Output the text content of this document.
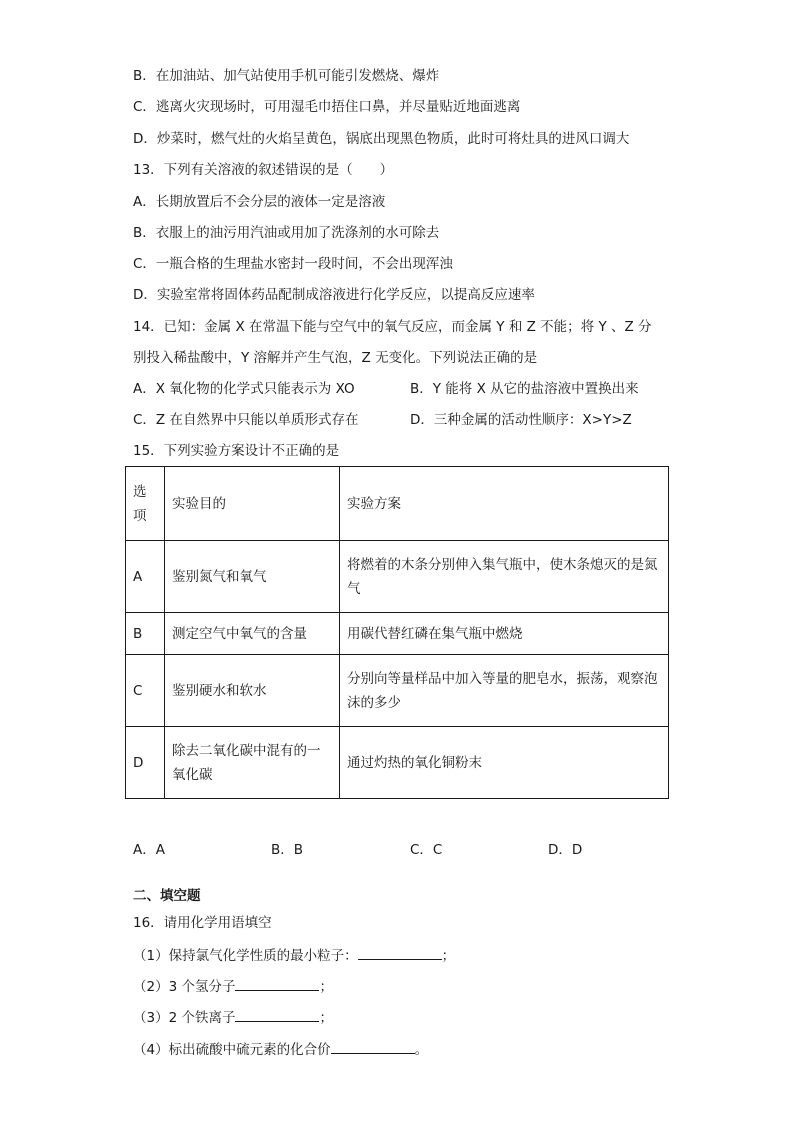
B．在加油站、加气站使用手机可能引发燃烧、爆炸
C．逃离火灾现场时，可用湿毛巾捂住口鼻，并尽量贴近地面逃离
D．炒菜时，燃气灶的火焰呈黄色，锅底出现黑色物质，此时可将灶具的进风口调大
13．下列有关溶液的叙述错误的是（　　）
A．长期放置后不会分层的液体一定是溶液
B．衣服上的油污用汽油或用加了洗涤剂的水可除去
C．一瓶合格的生理盐水密封一段时间，不会出现浑浊
D．实验室常将固体药品配制成溶液进行化学反应，以提高反应速率
14．已知：金属 X 在常温下能与空气中的氧气反应，而金属 Y 和 Z 不能；将 Y 、Z 分
别投入稀盐酸中，Y 溶解并产生气泡，Z 无变化。下列说法正确的是
A．X 氧化物的化学式只能表示为 XO	B．Y 能将 X 从它的盐溶液中置换出来
C．Z 在自然界中只能以单质形式存在	D．三种金属的活动性顺序：X>Y>Z
15．下列实验方案设计不正确的是
选项	实验目的	实验方案
A	鉴别氮气和氧气	将燃着的木条分别伸入集气瓶中，使木条熄灭的是氮气
B	测定空气中氧气的含量	用碳代替红磷在集气瓶中燃烧
C	鉴别硬水和软水	分别向等量样品中加入等量的肥皂水，振荡，观察泡沫的多少
D	除去二氧化碳中混有的一氧化碳	通过灼热的氧化铜粉末
A．A	B．B	C．C	D．D
二、填空题
16．请用化学用语填空
（1）保持氯气化学性质的最小粒子：	；
（2）3 个氢分子	；
（3）2 个铁离子	；
（4）标出硫酸中硫元素的化合价	。
